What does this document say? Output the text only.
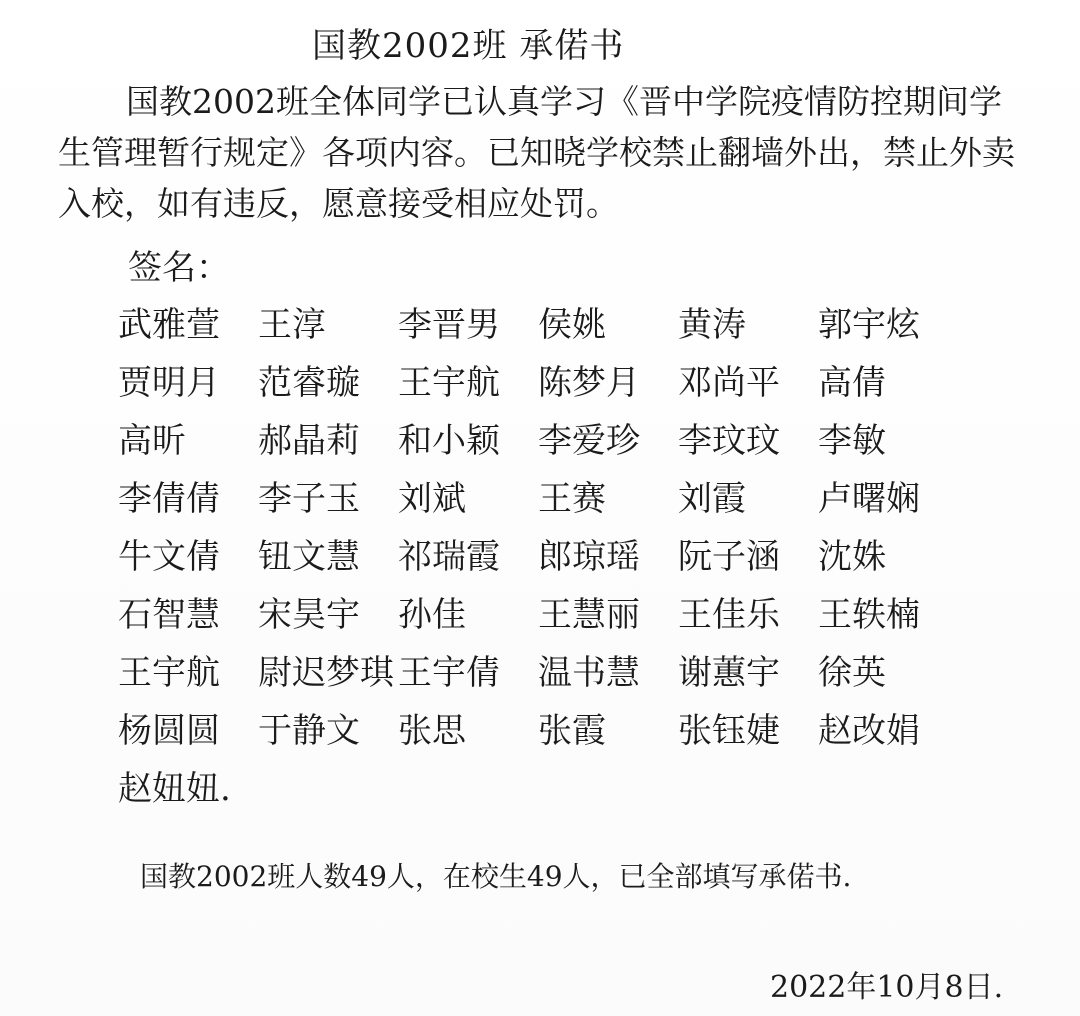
国教2002班 承偌书
国教2002班全体同学已认真学习《晋中学院疫情防控期间学生管理暂行规定》各项内容。已知晓学校禁止翻墙外出，禁止外卖入校，如有违反，愿意接受相应处罚。
签名：
武雅萱	王淳	李晋男	侯姚	黄涛	郭宇炫
贾明月	范睿璇	王宇航	陈梦月	邓尚平	高倩
高昕	郝晶莉	和小颖	李爱珍	李玟玟	李敏
李倩倩	李子玉	刘斌	王赛	刘霞	卢曙娴
牛文倩	钮文慧	祁瑞霞	郎琼瑶	阮子涵	沈姝
石智慧	宋昊宇	孙佳	王慧丽	王佳乐	王轶楠
王宇航	尉迟梦琪 王宇倩	温书慧	谢蕙宇	徐英
杨圆圆	于静文	张思	张霞	张钰婕	赵改娟
赵妞妞.
国教2002班人数49人，在校生49人，已全部填写承偌书.
2022年10月8日.
